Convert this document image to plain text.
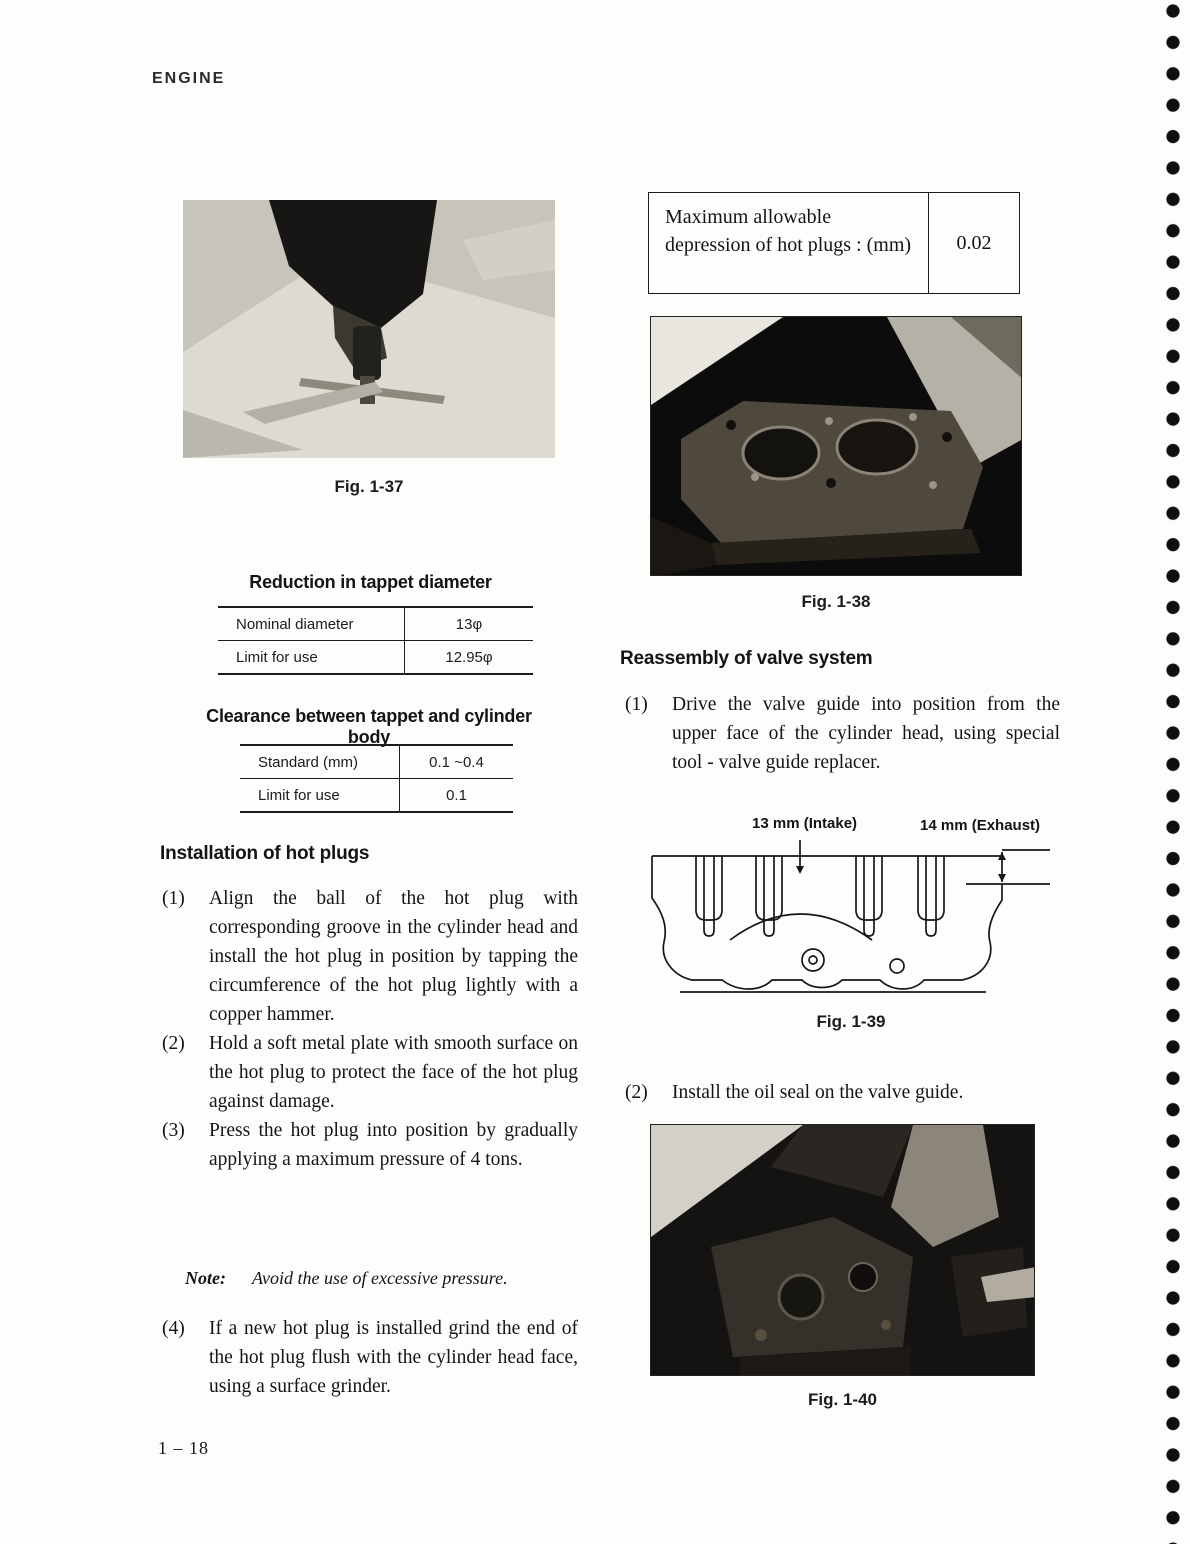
ENGINE
Fig. 1-37
Reduction in tappet diameter
Nominal diameter	13φ
Limit for use	12.95φ
Clearance between tappet and cylinder body
Standard (mm)	0.1 ~0.4
Limit for use	0.1
Installation of hot plugs
(1) Align the ball of the hot plug with corresponding groove in the cylinder head and install the hot plug in position by tapping the circumference of the hot plug lightly with a copper hammer.
(2) Hold a soft metal plate with smooth surface on the hot plug to protect the face of the hot plug against damage.
(3) Press the hot plug into position by gradually applying a maximum pressure of 4 tons.
Note: Avoid the use of excessive pressure.
(4) If a new hot plug is installed grind the end of the hot plug flush with the cylinder head face, using a surface grinder.
1 – 18
Maximum allowable depression of hot plugs : (mm)	0.02
Fig. 1-38
Reassembly of valve system
(1) Drive the valve guide into position from the upper face of the cylinder head, using special tool - valve guide replacer.
13 mm (Intake)	14 mm (Exhaust)
Fig. 1-39
(2) Install the oil seal on the valve guide.
Fig. 1-40
